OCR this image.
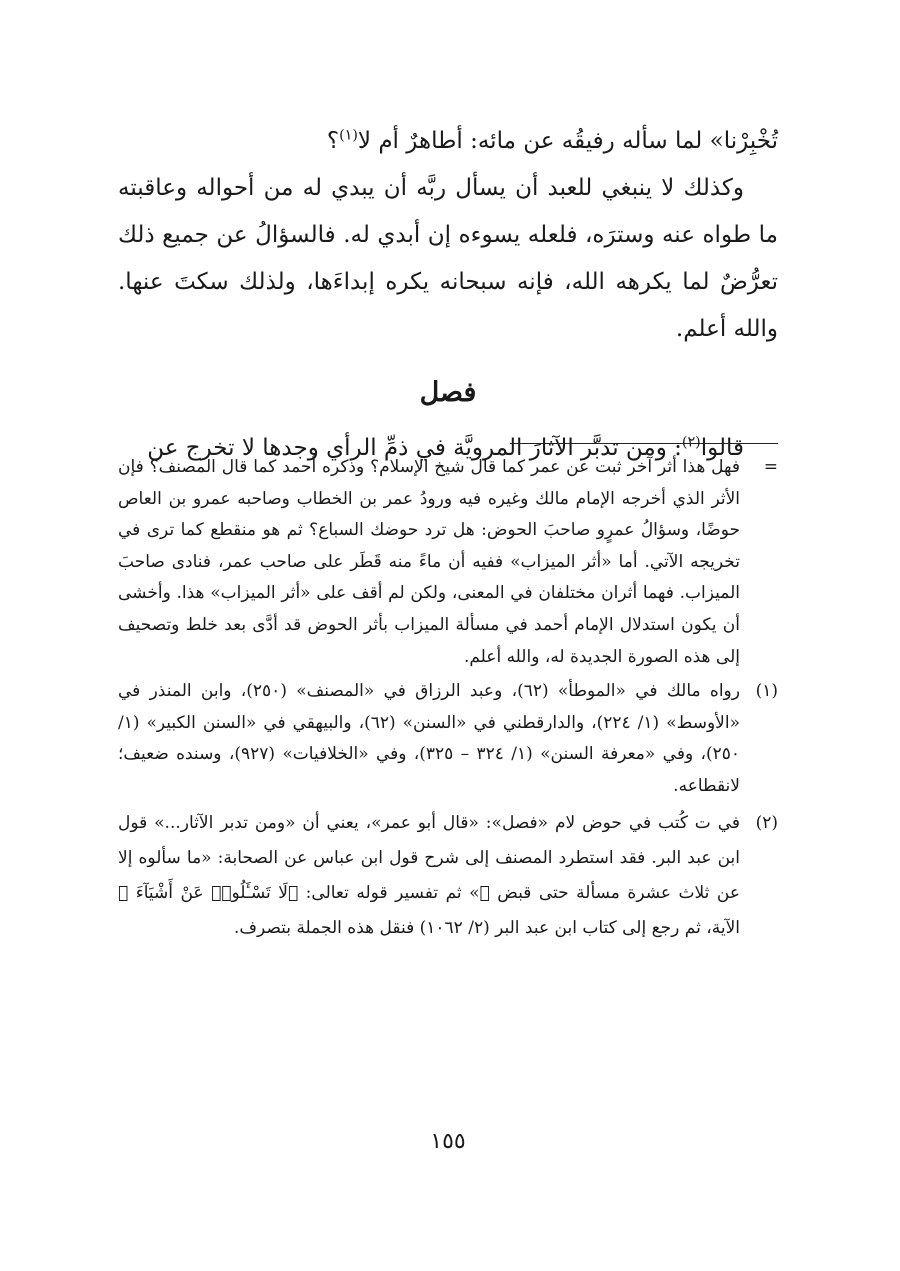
تُخْبِرْنا» لما سأله رفيقُه عن مائه: أطاهرٌ أم لا$^{(١)}$؟

وكذلك لا ينبغي للعبد أن يسأل ربَّه أن يبدي له من أحواله وعاقبته ما طواه عنه وسترَه، فلعله يسوءه إن أبدي له. فالسؤالُ عن جميع ذلك تعرُّضٌ لما يكرهه الله، فإنه سبحانه يكره إبداءَها، ولذلك سكتَ عنها. والله أعلم.

فصل

قالوا$^{(٢)}$: ومن تدبَّر الآثارَ المرويَّة في ذمِّ الرأي وجدها لا تخرج عن

=
فهل هذا أثر آخر ثبت عن عمر كما قال شيخ الإسلام؟ وذكره أحمد كما قال المصنف؟ فإن الأثر الذي أخرجه الإمام مالك وغيره فيه ورودُ عمر بن الخطاب وصاحبه عمرو بن العاص حوضًا، وسؤالُ عمرٍو صاحبَ الحوض: هل ترد حوضك السباع؟ ثم هو منقطع كما ترى في تخريجه الآتي. أما «أثر الميزاب» ففيه أن ماءً منه قَطَر على صاحب عمر، فنادى صاحبَ الميزاب. فهما أثران مختلفان في المعنى، ولكن لم أقف على «أثر الميزاب» هذا. وأخشى أن يكون استدلال الإمام أحمد في مسألة الميزاب بأثر الحوض قد أدَّى بعد خلط وتصحيف إلى هذه الصورة الجديدة له، والله أعلم.

(١)
رواه مالك في «الموطأ» (٦٢)، وعبد الرزاق في «المصنف» (٢٥٠)، وابن المنذر في «الأوسط» (١/ ٢٢٤)، والدارقطني في «السنن» (٦٢)، والبيهقي في «السنن الكبير» (١/ ٢٥٠)، وفي «معرفة السنن» (١/ ٣٢٤ – ٣٢٥)، وفي «الخلافيات» (٩٢٧)، وسنده ضعيف؛ لانقطاعه.

(٢)
في ت كُتب في حوض لام «فصل»: «قال أبو عمر»، يعني أن «ومن تدبر الآثار...» قول ابن عبد البر. فقد استطرد المصنف إلى شرح قول ابن عباس عن الصحابة: «ما سألوه إلا عن ثلاث عشرة مسألة حتى قبض ﷺ» ثم تفسير قوله تعالى: ﴿لَا تَسْـَٔلُوا۟ عَنْ أَشْيَآءَ ﴾ الآية، ثم رجع إلى كتاب ابن عبد البر (٢/ ١٠٦٢) فنقل هذه الجملة بتصرف.

١٥٥
